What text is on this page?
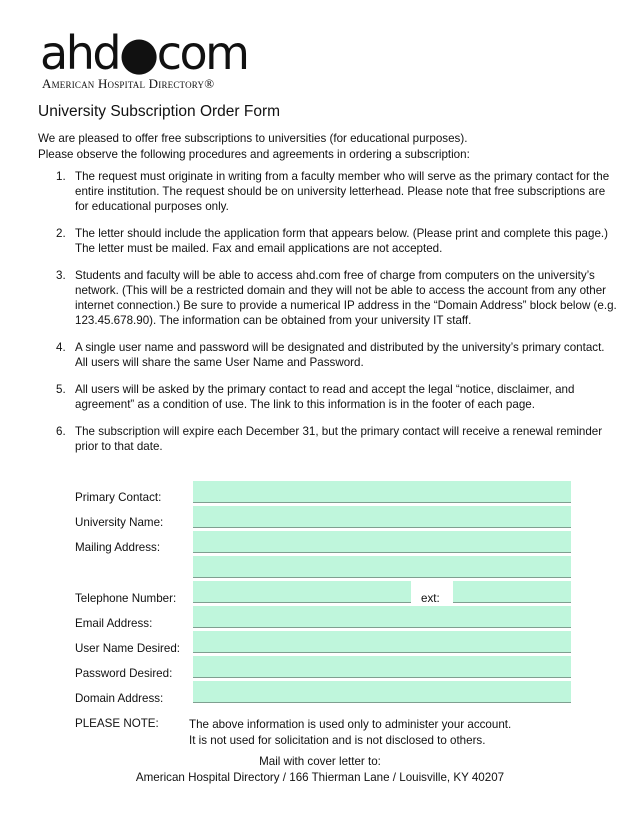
ahd●com
American Hospital Directory®
University Subscription Order Form
We are pleased to offer free subscriptions to universities (for educational purposes).
Please observe the following procedures and agreements in ordering a subscription:
1. The request must originate in writing from a faculty member who will serve as the primary contact for the entire institution. The request should be on university letterhead. Please note that free subscriptions are for educational purposes only.
2. The letter should include the application form that appears below. (Please print and complete this page.) The letter must be mailed. Fax and email applications are not accepted.
3. Students and faculty will be able to access ahd.com free of charge from computers on the university’s network. (This will be a restricted domain and they will not be able to access the account from any other internet connection.) Be sure to provide a numerical IP address in the “Domain Address” block below (e.g. 123.45.678.90). The information can be obtained from your university IT staff.
4. A single user name and password will be designated and distributed by the university’s primary contact. All users will share the same User Name and Password.
5. All users will be asked by the primary contact to read and accept the legal “notice, disclaimer, and agreement” as a condition of use. The link to this information is in the footer of each page.
6. The subscription will expire each December 31, but the primary contact will receive a renewal reminder prior to that date.
Primary Contact:
University Name:
Mailing Address:
Telephone Number:	ext:
Email Address:
User Name Desired:
Password Desired:
Domain Address:
PLEASE NOTE:	The above information is used only to administer your account.
It is not used for solicitation and is not disclosed to others.
Mail with cover letter to:
American Hospital Directory / 166 Thierman Lane / Louisville, KY 40207
